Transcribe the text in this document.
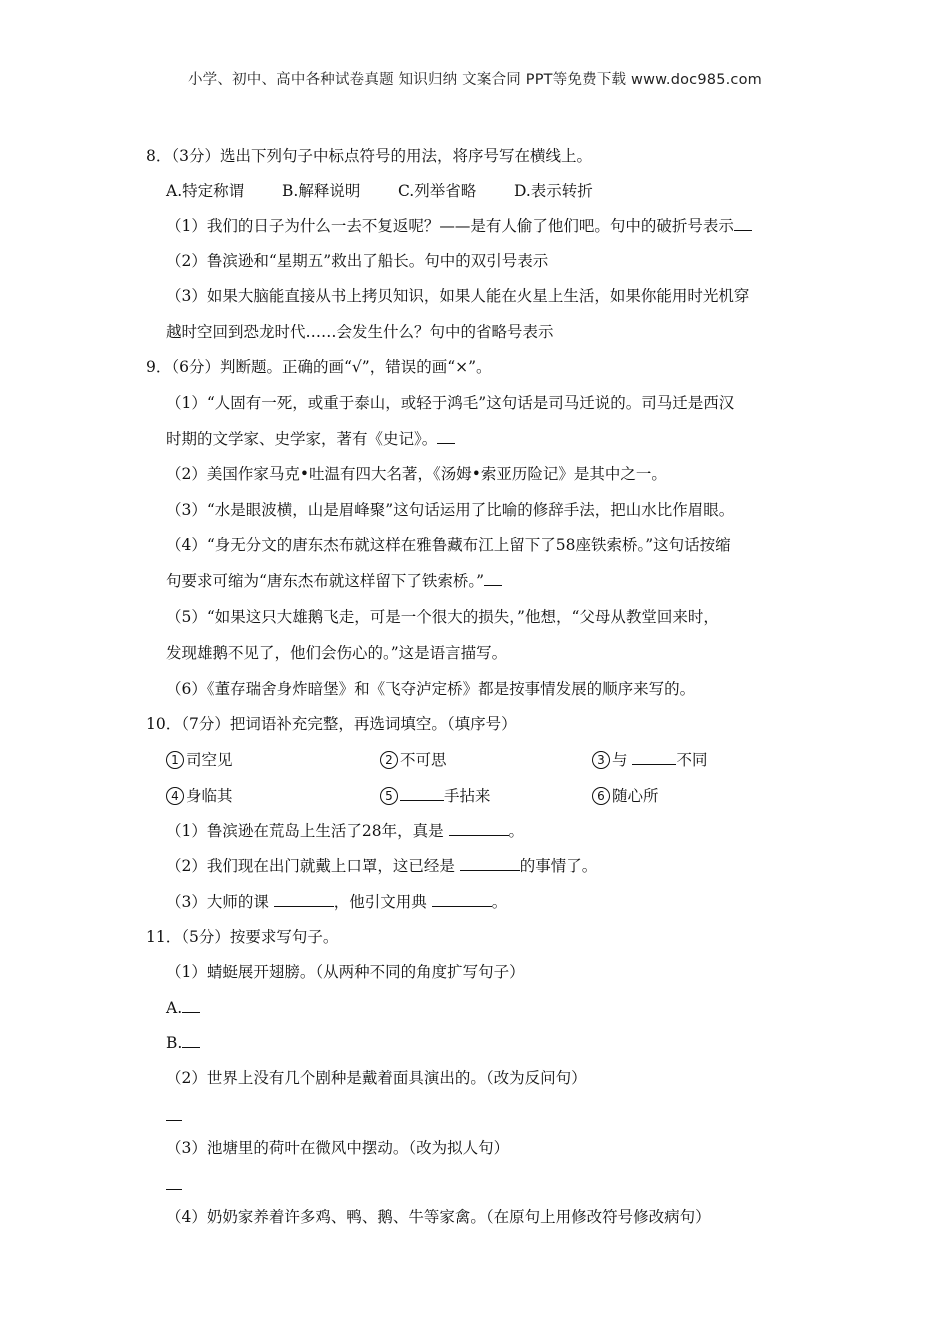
小学、初中、高中各种试卷真题 知识归纳 文案合同 PPT等免费下载 www.doc985.com
8．（3分）选出下列句子中标点符号的用法，将序号写在横线上。
A.特定称谓 B.解释说明 C.列举省略 D.表示转折
（1）我们的日子为什么一去不复返呢？——是有人偷了他们吧。句中的破折号表示
（2）鲁滨逊和“星期五”救出了船长。句中的双引号表示
（3）如果大脑能直接从书上拷贝知识，如果人能在火星上生活，如果你能用时光机穿
越时空回到恐龙时代……会发生什么？句中的省略号表示
9．（6分）判断题。正确的画“√”，错误的画“×”。
（1）“人固有一死，或重于泰山，或轻于鸿毛”这句话是司马迁说的。司马迁是西汉
时期的文学家、史学家，著有《史记》。
（2）美国作家马克•吐温有四大名著，《汤姆•索亚历险记》是其中之一。
（3）“水是眼波横，山是眉峰聚”这句话运用了比喻的修辞手法，把山水比作眉眼。
（4）“身无分文的唐东杰布就这样在雅鲁藏布江上留下了58座铁索桥。”这句话按缩
句要求可缩为“唐东杰布就这样留下了铁索桥。”
（5）“如果这只大雄鹅飞走，可是一个很大的损失，”他想，“父母从教堂回来时，
发现雄鹅不见了，他们会伤心的。”这是语言描写。
（6）《董存瑞舍身炸暗堡》和《飞夺泸定桥》都是按事情发展的顺序来写的。
10．（7分）把词语补充完整，再选词填空。（填序号）
1 司空见	2 不可思	3 与	不同
4 身临其	5	手拈来	6 随心所
（1）鲁滨逊在荒岛上生活了28年，真是	。
（2）我们现在出门就戴上口罩，这已经是	的事情了。
（3）大师的课	，他引文用典	。
11．（5分）按要求写句子。
（1）蜻蜓展开翅膀。（从两种不同的角度扩写句子）
A.
B.
（2）世界上没有几个剧种是戴着面具演出的。（改为反问句）
（3）池塘里的荷叶在微风中摆动。（改为拟人句）
（4）奶奶家养着许多鸡、鸭、鹅、牛等家禽。（在原句上用修改符号修改病句）
